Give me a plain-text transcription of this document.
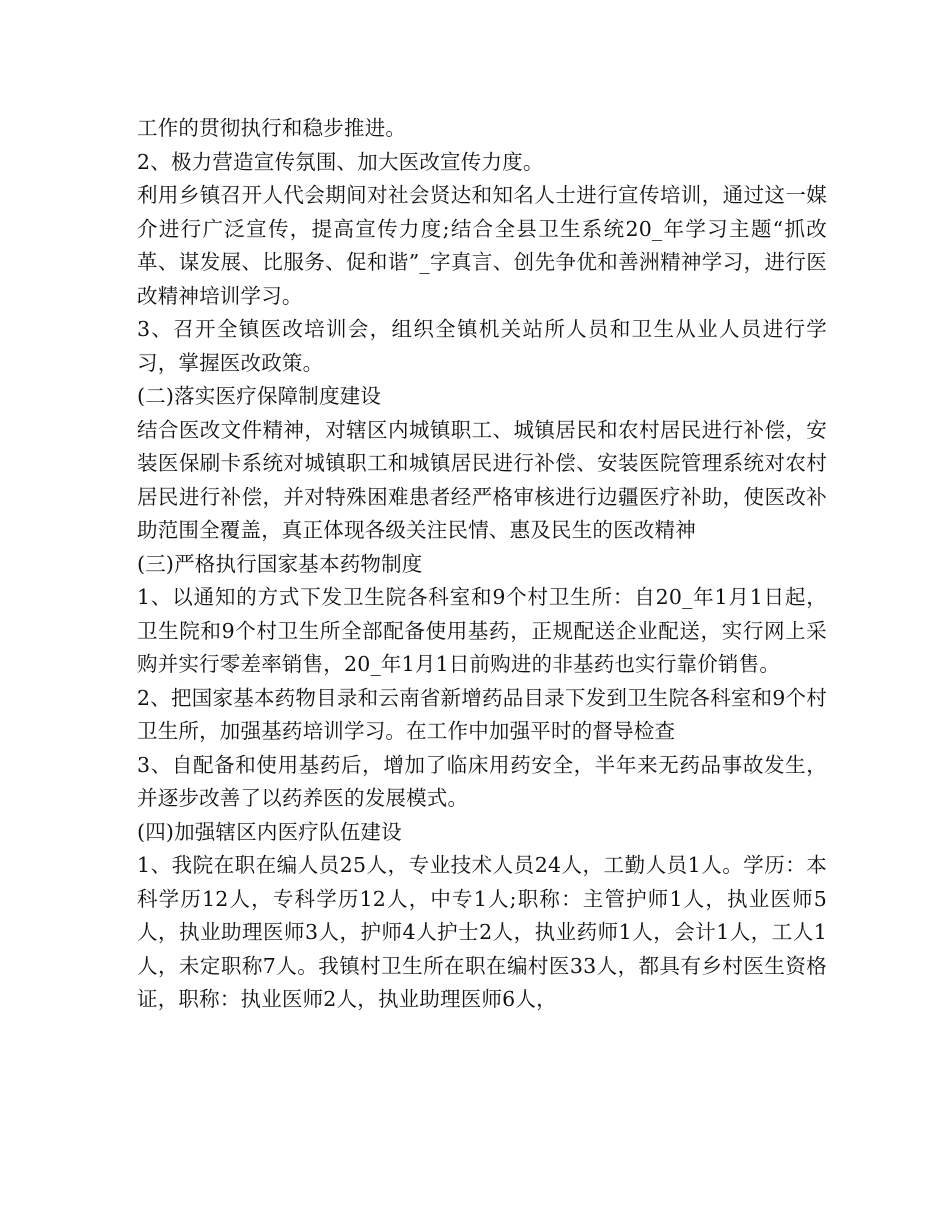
工作的贯彻执行和稳步推进。

2、极力营造宣传氛围、加大医改宣传力度。

利用乡镇召开人代会期间对社会贤达和知名人士进行宣传培训，通过这一媒介进行广泛宣传，提高宣传力度;结合全县卫生系统20_年学习主题“抓改革、谋发展、比服务、促和谐”_字真言、创先争优和善洲精神学习，进行医改精神培训学习。

3、召开全镇医改培训会，组织全镇机关站所人员和卫生从业人员进行学习，掌握医改政策。

(二)落实医疗保障制度建设

结合医改文件精神，对辖区内城镇职工、城镇居民和农村居民进行补偿，安装医保刷卡系统对城镇职工和城镇居民进行补偿、安装医院管理系统对农村居民进行补偿，并对特殊困难患者经严格审核进行边疆医疗补助，使医改补助范围全覆盖，真正体现各级关注民情、惠及民生的医改精神

(三)严格执行国家基本药物制度

1、以通知的方式下发卫生院各科室和9个村卫生所：自20_年1月1日起，卫生院和9个村卫生所全部配备使用基药，正规配送企业配送，实行网上采购并实行零差率销售，20_年1月1日前购进的非基药也实行靠价销售。

2、把国家基本药物目录和云南省新增药品目录下发到卫生院各科室和9个村卫生所，加强基药培训学习。在工作中加强平时的督导检查

3、自配备和使用基药后，增加了临床用药安全，半年来无药品事故发生，并逐步改善了以药养医的发展模式。

(四)加强辖区内医疗队伍建设

1、我院在职在编人员25人，专业技术人员24人，工勤人员1人。学历：本科学历12人，专科学历12人，中专1人;职称：主管护师1人，执业医师5人，执业助理医师3人，护师4人护士2人，执业药师1人，会计1人，工人1人，未定职称7人。我镇村卫生所在职在编村医33人，都具有乡村医生资格证，职称：执业医师2人，执业助理医师6人，
